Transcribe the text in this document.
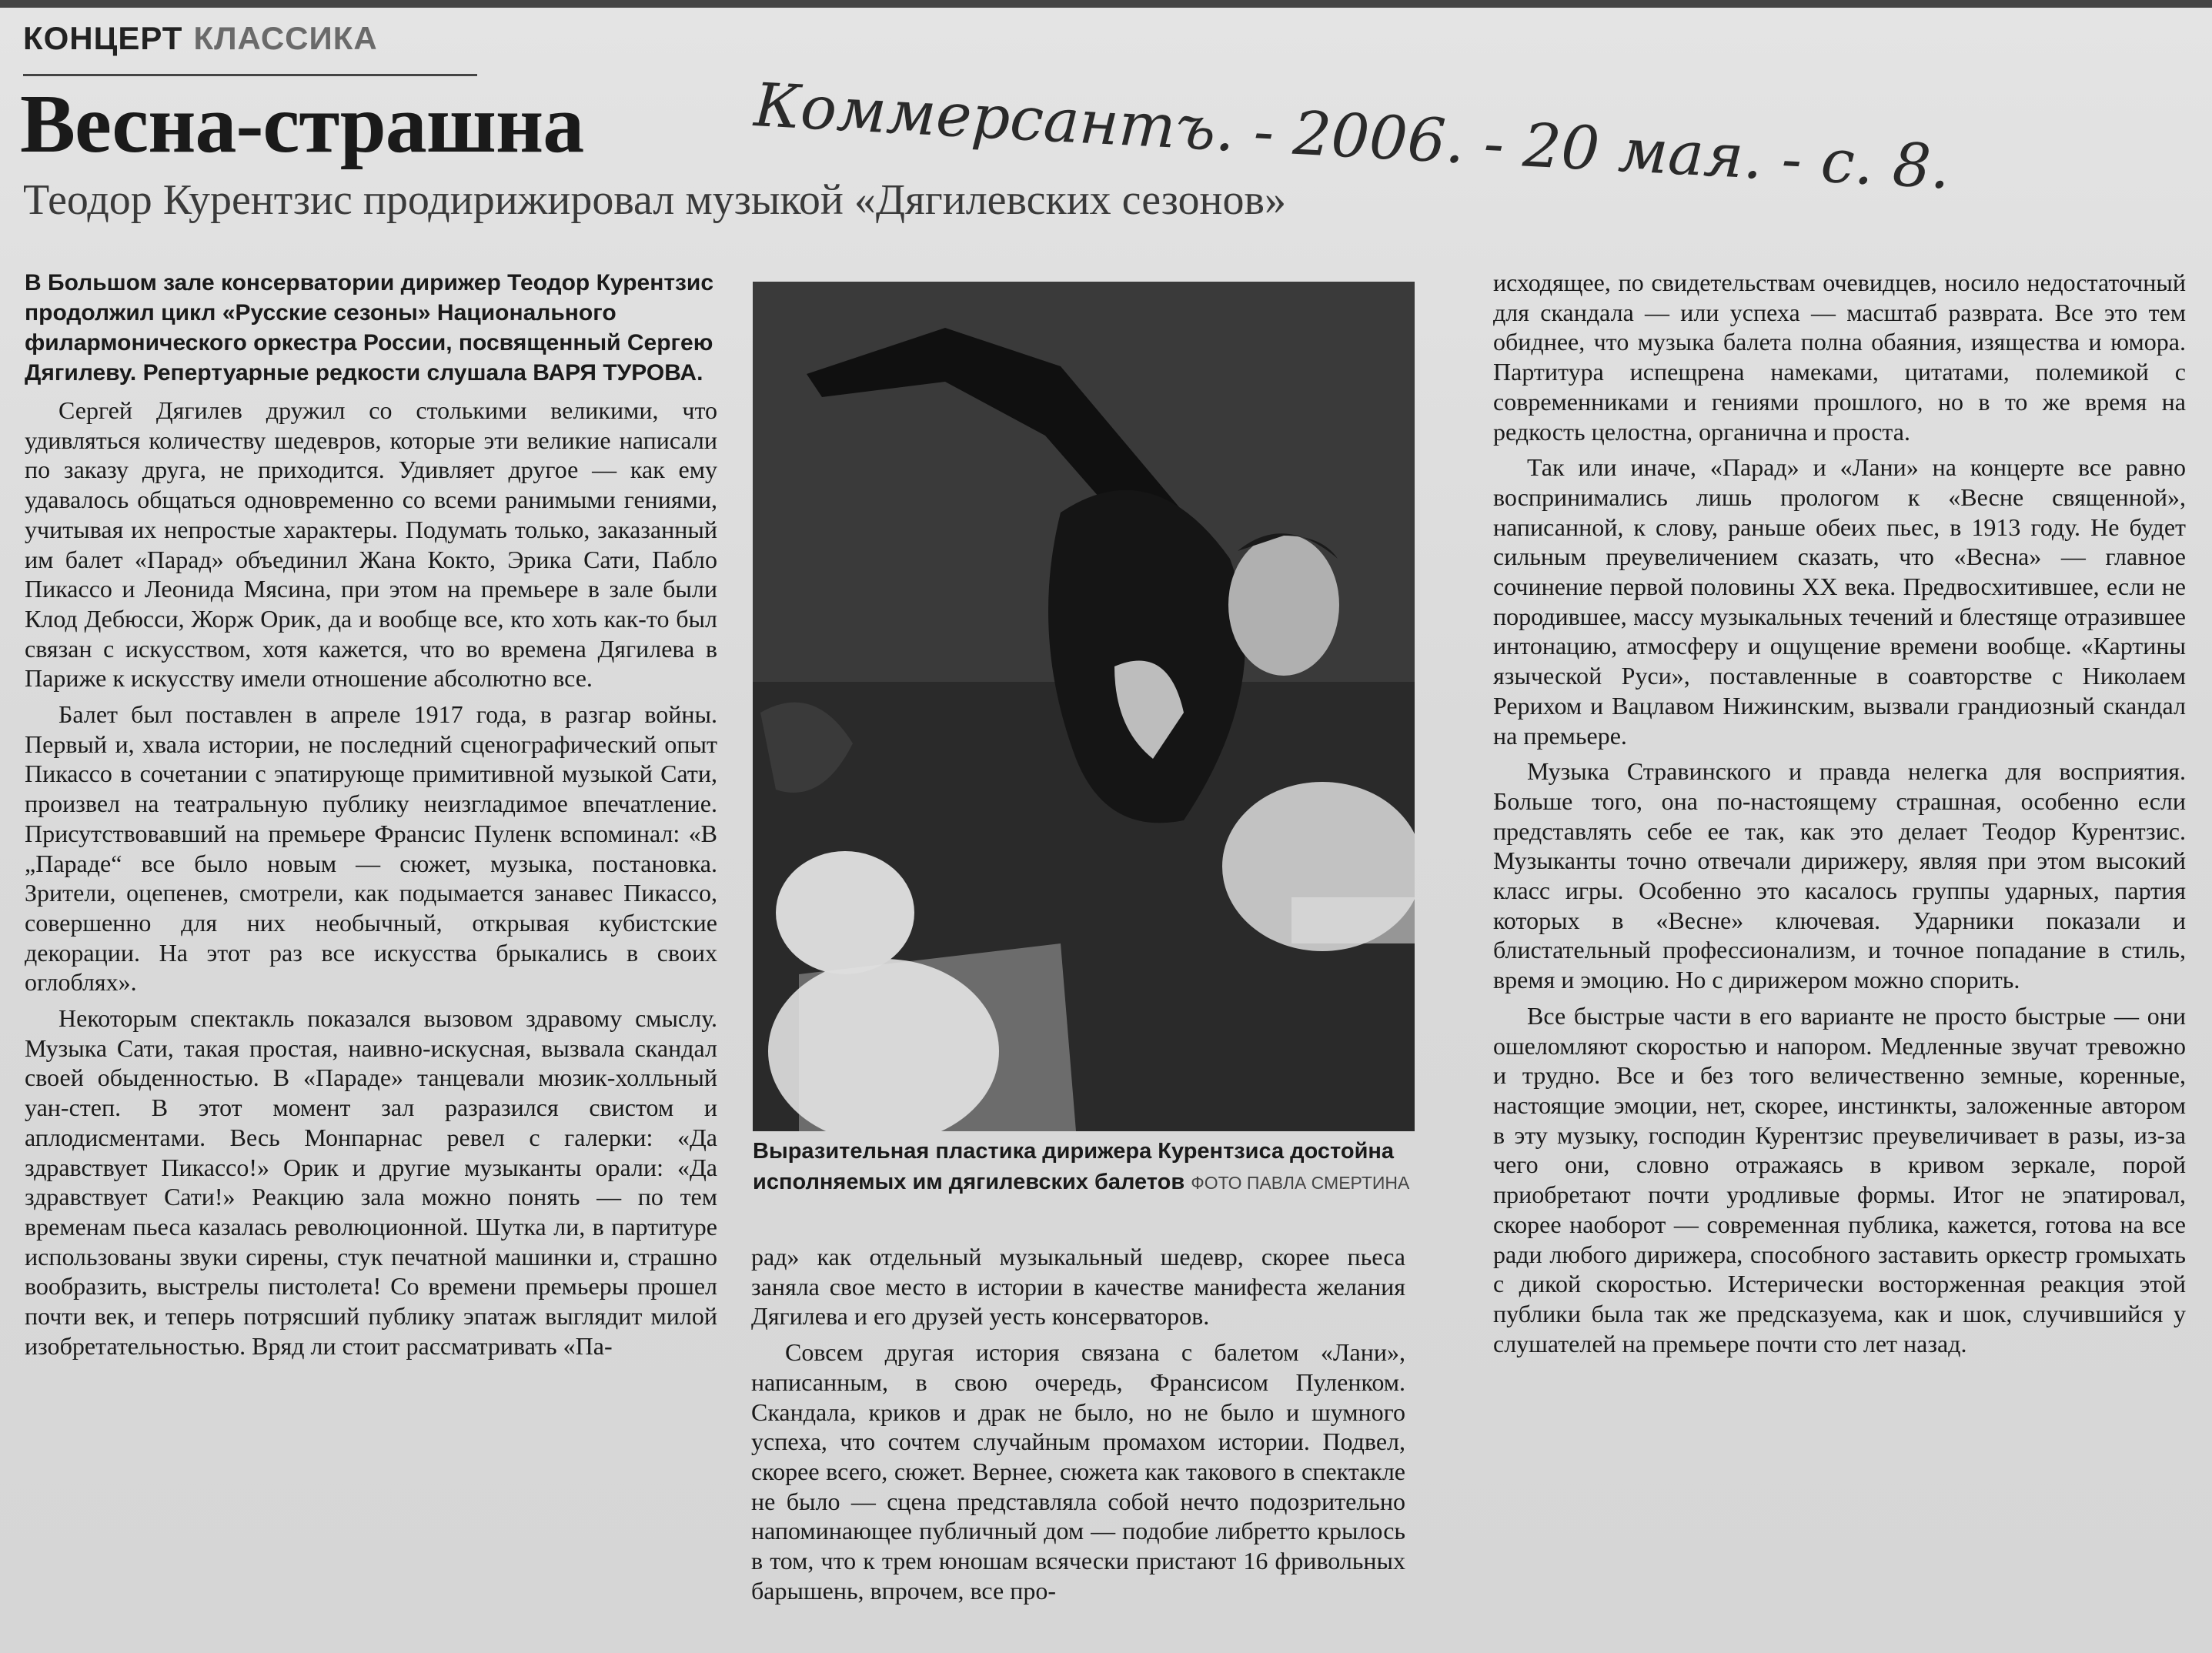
КОНЦЕРТ КЛАССИКА
Весна-страшна	Коммерсантъ. - 2006. - 20 мая. - с. 8.
Теодор Курентзис продирижировал музыкой «Дягилевских сезонов»
В Большом зале консерватории дирижер Теодор Курентзис продолжил цикл «Русские сезоны» Национального филармонического оркестра России, посвященный Сергею Дягилеву. Репертуарные редкости слушала ВАРЯ ТУРОВА.

Сергей Дягилев дружил со столькими великими, что удивляться количеству шедевров, которые эти великие написали по заказу друга, не приходится. Удивляет другое — как ему удавалось общаться одновременно со всеми ранимыми гениями, учитывая их непростые характеры. Подумать только, заказанный им балет «Парад» объединил Жана Кокто, Эрика Сати, Пабло Пикассо и Леонида Мясина, при этом на премьере в зале были Клод Дебюсси, Жорж Орик, да и вообще все, кто хоть как-то был связан с искусством, хотя кажется, что во времена Дягилева в Париже к искусству имели отношение абсолютно все.

Балет был поставлен в апреле 1917 года, в разгар войны. Первый и, хвала истории, не последний сценографический опыт Пикассо в сочетании с эпатирующе примитивной музыкой Сати, произвел на театральную публику неизгладимое впечатление. Присутствовавший на премьере Франсис Пуленк вспоминал: «В „Параде“ все было новым — сюжет, музыка, постановка. Зрители, оцепенев, смотрели, как подымается занавес Пикассо, совершенно для них необычный, открывая кубистские декорации. На этот раз все искусства брыкались в своих оглоблях».

Некоторым спектакль показался вызовом здравому смыслу. Музыка Сати, такая простая, наивно-искусная, вызвала скандал своей обыденностью. В «Параде» танцевали мюзик-холльный уан-степ. В этот момент зал разразился свистом и аплодисментами. Весь Монпарнас ревел с галерки: «Да здравствует Пикассо!» Орик и другие музыканты орали: «Да здравствует Сати!» Реакцию зала можно понять — по тем временам пьеса казалась революционной. Шутка ли, в партитуре использованы звуки сирены, стук печатной машинки и, страшно вообразить, выстрелы пистолета! Со времени премьеры прошел почти век, и теперь потрясший публику эпатаж выглядит милой изобретательностью. Вряд ли стоит рассматривать «Па-

Выразительная пластика дирижера Курентзиса достойна исполняемых им дягилевских балетов ФОТО ПАВЛА СМЕРТИНА

рад» как отдельный музыкальный шедевр, скорее пьеса заняла свое место в истории в качестве манифеста желания Дягилева и его друзей уесть консерваторов.

Совсем другая история связана с балетом «Лани», написанным, в свою очередь, Франсисом Пуленком. Скандала, криков и драк не было, но не было и шумного успеха, что сочтем случайным промахом истории. Подвел, скорее всего, сюжет. Вернее, сюжета как такового в спектакле не было — сцена представляла собой нечто подозрительно напоминающее публичный дом — подобие либретто крылось в том, что к трем юношам всячески пристают 16 фривольных барышень, впрочем, все про-

исходящее, по свидетельствам очевидцев, носило недостаточный для скандала — или успеха — масштаб разврата. Все это тем обиднее, что музыка балета полна обаяния, изящества и юмора. Партитура испещрена намеками, цитатами, полемикой с современниками и гениями прошлого, но в то же время на редкость целостна, органична и проста.

Так или иначе, «Парад» и «Лани» на концерте все равно воспринимались лишь прологом к «Весне священной», написанной, к слову, раньше обеих пьес, в 1913 году. Не будет сильным преувеличением сказать, что «Весна» — главное сочинение первой половины XX века. Предвосхитившее, если не породившее, массу музыкальных течений и блестяще отразившее интонацию, атмосферу и ощущение времени вообще. «Картины языческой Руси», поставленные в соавторстве с Николаем Рерихом и Вацлавом Нижинским, вызвали грандиозный скандал на премьере.

Музыка Стравинского и правда нелегка для восприятия. Больше того, она по-настоящему страшная, особенно если представлять себе ее так, как это делает Теодор Курентзис. Музыканты точно отвечали дирижеру, являя при этом высокий класс игры. Особенно это касалось группы ударных, партия которых в «Весне» ключевая. Ударники показали и блистательный профессионализм, и точное попадание в стиль, время и эмоцию. Но с дирижером можно спорить.

Все быстрые части в его варианте не просто быстрые — они ошеломляют скоростью и напором. Медленные звучат тревожно и трудно. Все и без того величественно земные, коренные, настоящие эмоции, нет, скорее, инстинкты, заложенные автором в эту музыку, господин Курентзис преувеличивает в разы, из-за чего они, словно отражаясь в кривом зеркале, порой приобретают почти уродливые формы. Итог не эпатировал, скорее наоборот — современная публика, кажется, готова на все ради любого дирижера, способного заставить оркестр громыхать с дикой скоростью. Истерически восторженная реакция этой публики была так же предсказуема, как и шок, случившийся у слушателей на премьере почти сто лет назад.
